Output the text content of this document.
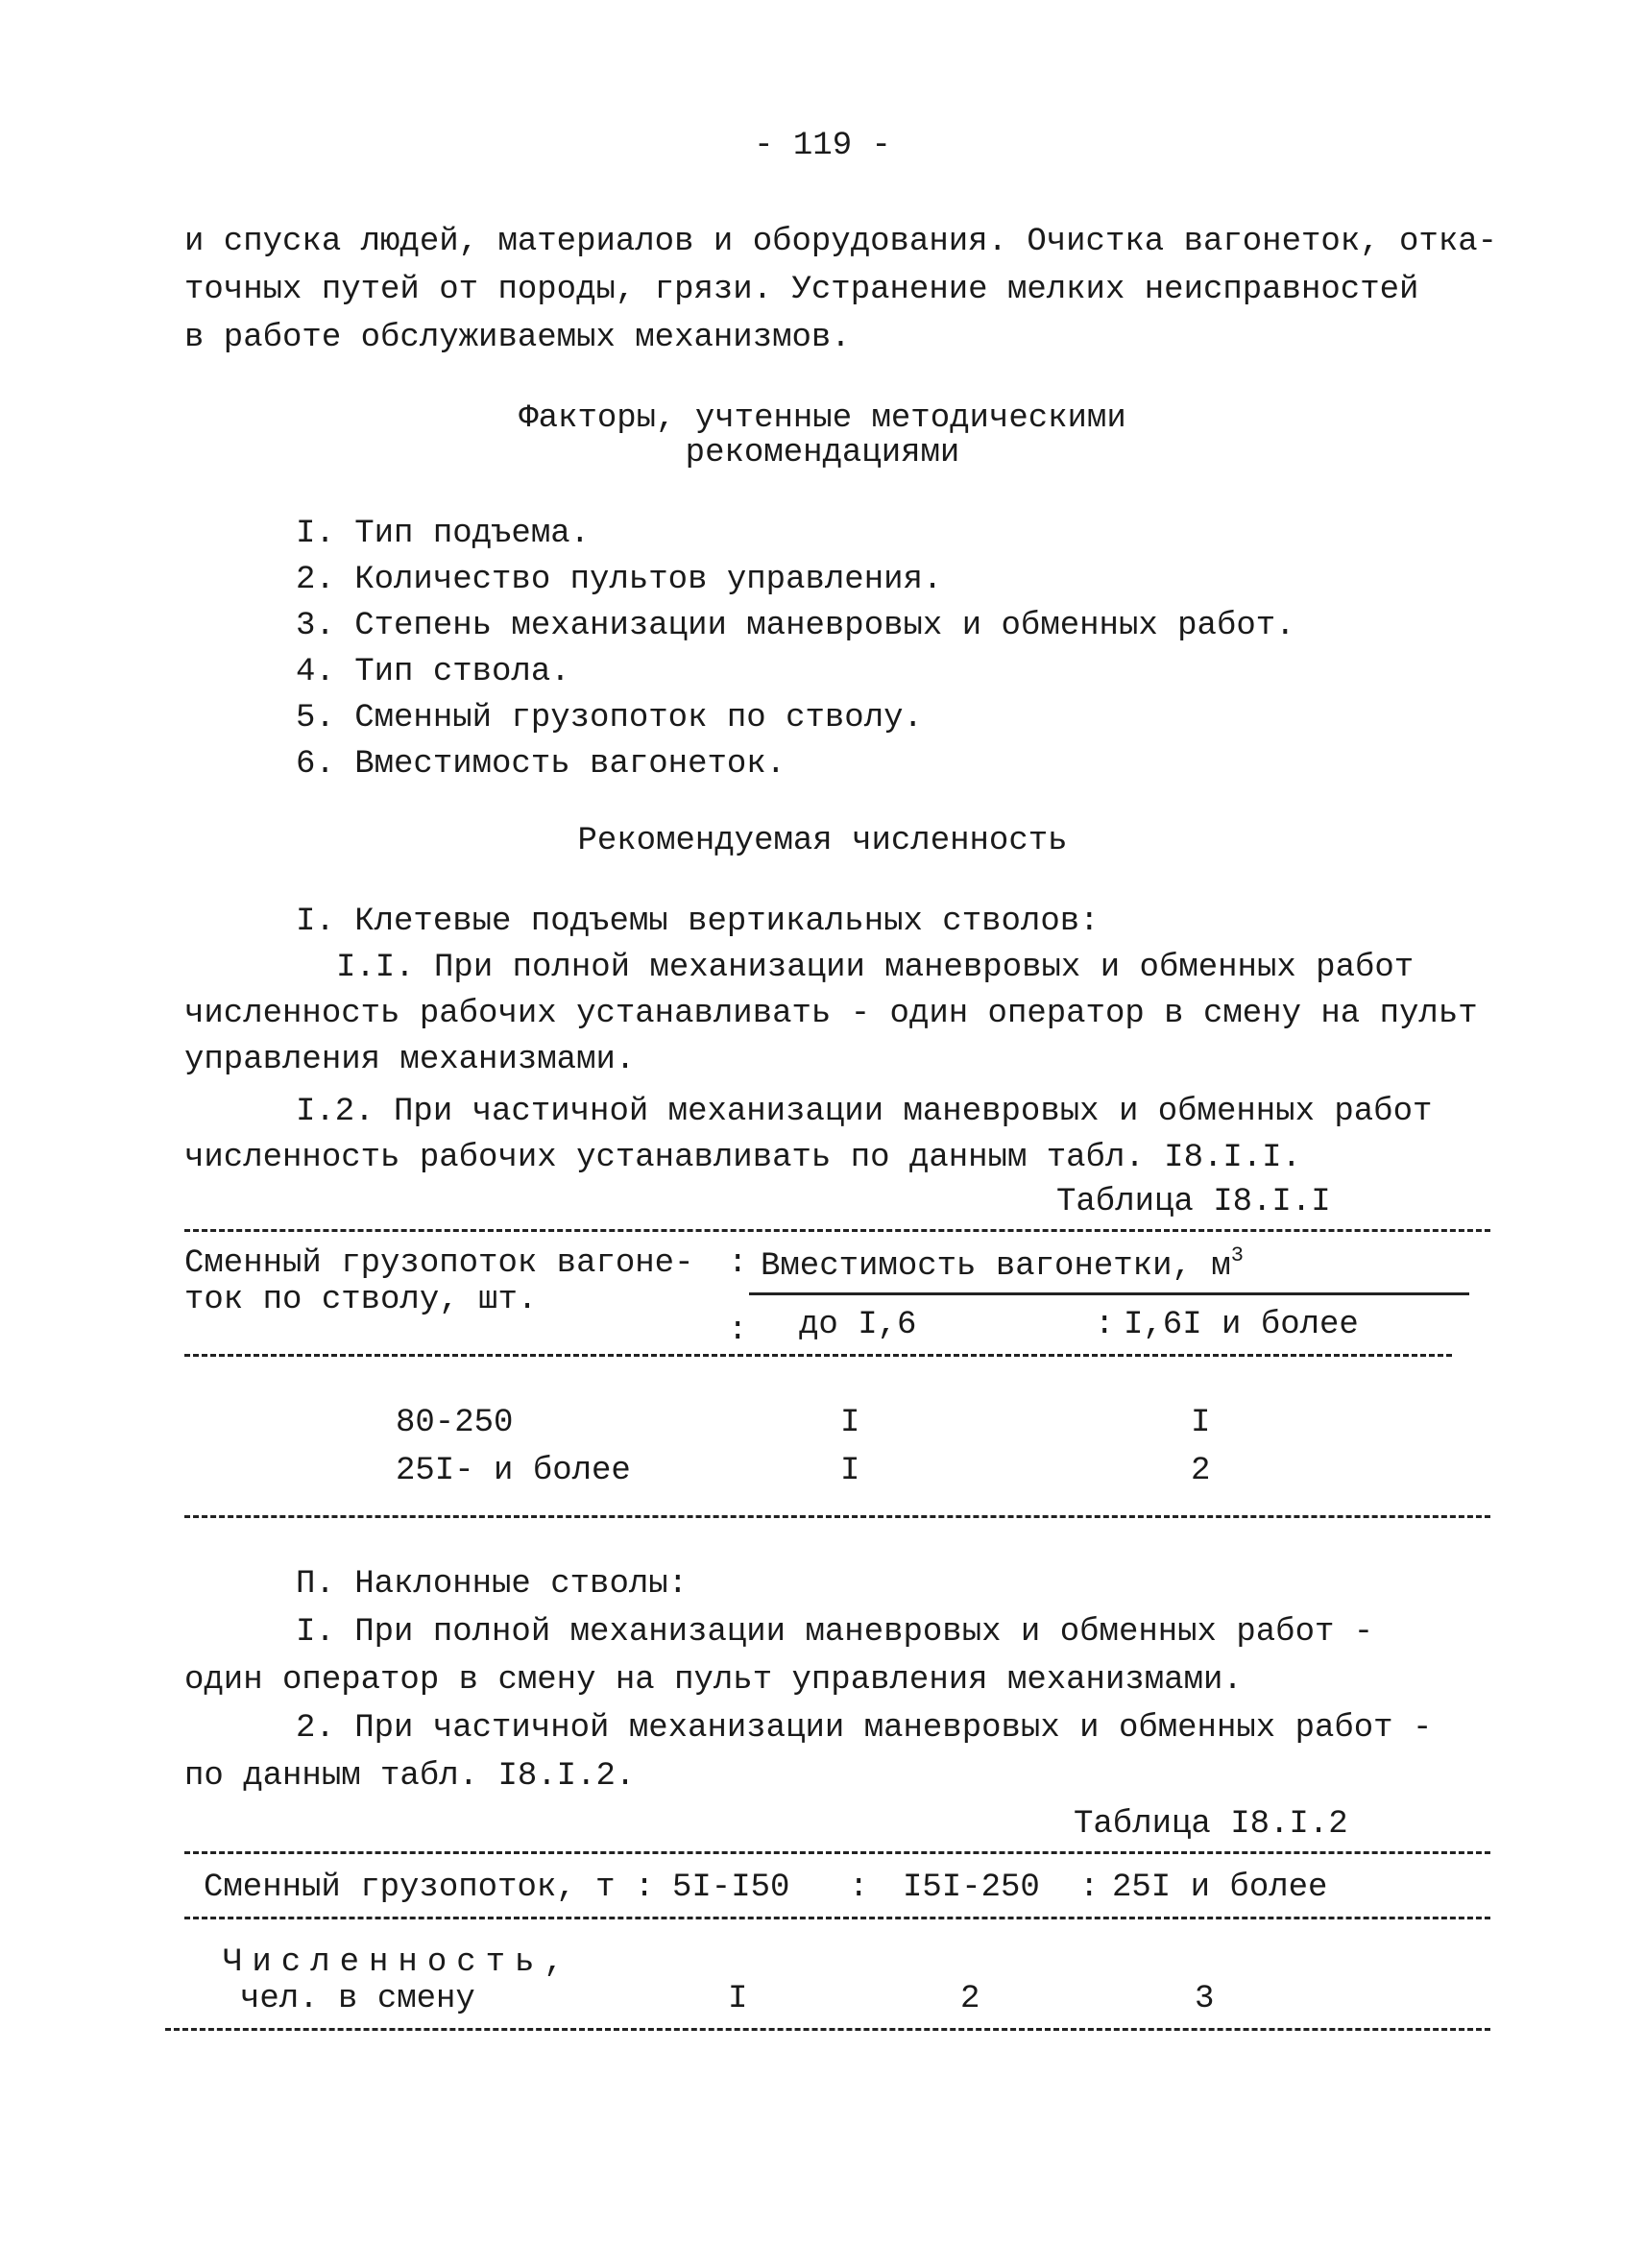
- 119 -
и спуска людей, материалов и оборудования. Очистка вагонеток, отка-
точных путей от породы, грязи. Устранение мелких неисправностей
в работе обслуживаемых механизмов.
Факторы, учтенные методическими
рекомендациями
I. Тип подъема.
2. Количество пультов управления.
3. Степень механизации маневровых и обменных работ.
4. Тип ствола.
5. Сменный грузопоток по стволу.
6. Вместимость вагонеток.
Рекомендуемая численность
I. Клетевые подъемы вертикальных стволов:
I.I. При полной механизации маневровых и обменных работ
численность рабочих устанавливать - один оператор в смену на пульт
управления механизмами.
I.2. При частичной механизации маневровых и обменных работ
численность рабочих устанавливать по данным табл. I8.I.I.
Таблица I8.I.I
Сменный грузопоток вагоне-
ток по стволу, шт.
: Вместимость вагонетки, $м^3$
: до I,6	: I,6I и более
80-250	I	I
25I- и более	I	2
П. Наклонные стволы:
I. При полной механизации маневровых и обменных работ -
один оператор в смену на пульт управления механизмами.
2. При частичной механизации маневровых и обменных работ -
по данным табл. I8.I.2.
Таблица I8.I.2
Сменный грузопоток, т : 5I-I50 : I5I-250 : 25I и более
Численность,
чел. в смену	I	2	3
